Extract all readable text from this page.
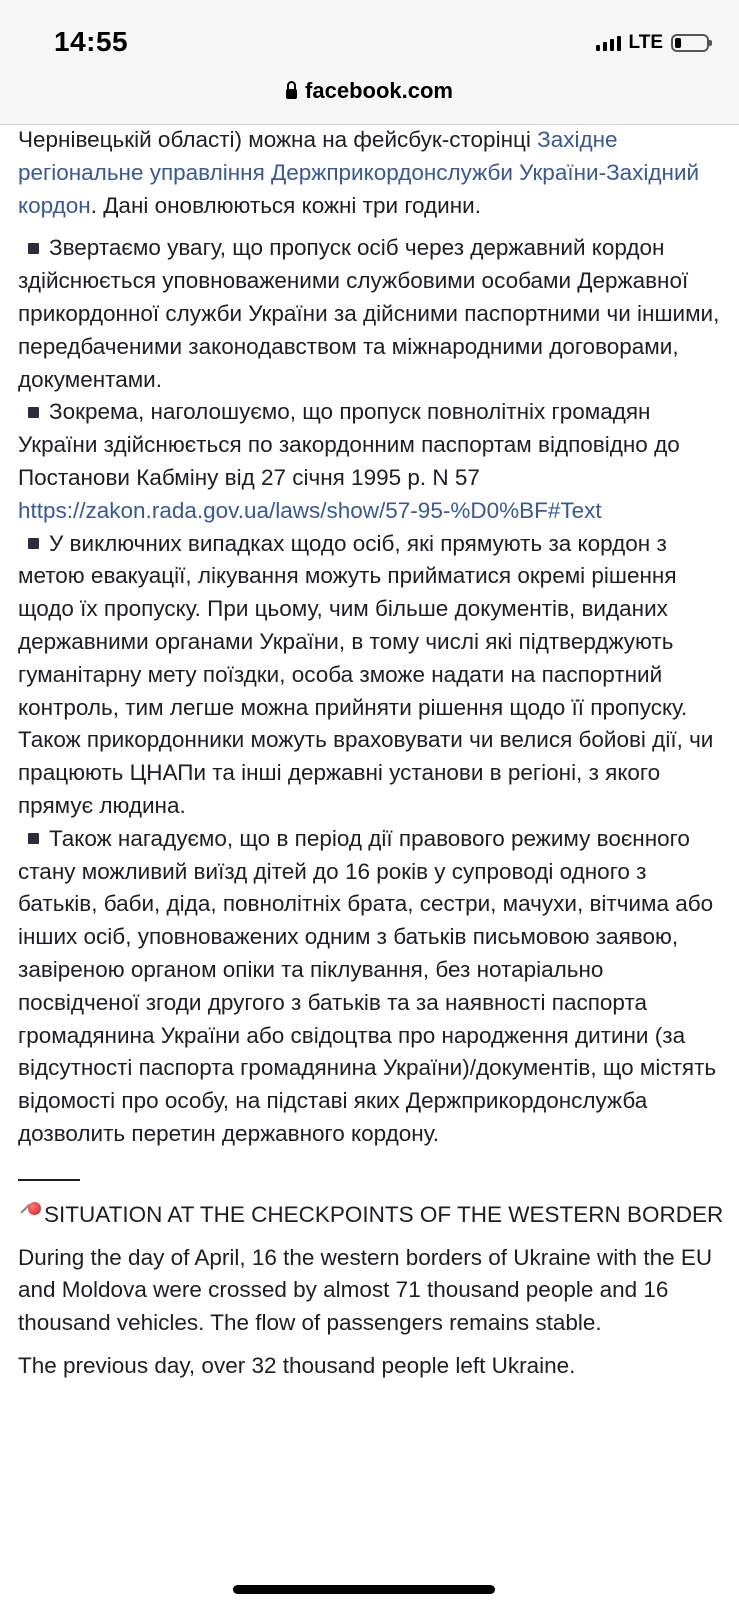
14:55	LTE
facebook.com

Чернівецькій області) можна на фейсбук-сторінці Західне регіональне управління Держприкордонслужби України-Західний кордон. Дані оновлюються кожні три години.

Звертаємо увагу, що пропуск осіб через державний кордон здійснюється уповноваженими службовими особами Державної прикордонної служби України за дійсними паспортними чи іншими, передбаченими законодавством та міжнародними договорами, документами.

Зокрема, наголошуємо, що пропуск повнолітніх громадян України здійснюється по закордонним паспортам відповідно до Постанови Кабміну від 27 січня 1995 р. N 57 https://zakon.rada.gov.ua/laws/show/57-95-%D0%BF#Text

У виключних випадках щодо осіб, які прямують за кордон з метою евакуації, лікування можуть прийматися окремі рішення щодо їх пропуску. При цьому, чим більше документів, виданих державними органами України, в тому числі які підтверджують гуманітарну мету поїздки, особа зможе надати на паспортний контроль, тим легше можна прийняти рішення щодо її пропуску. Також прикордонники можуть враховувати чи велися бойові дії, чи працюють ЦНАПи та інші державні установи в регіоні, з якого прямує людина.

Також нагадуємо, що в період дії правового режиму воєнного стану можливий виїзд дітей до 16 років у супроводі одного з батьків, баби, діда, повнолітніх брата, сестри, мачухи, вітчима або інших осіб, уповноважених одним з батьків письмовою заявою, завіреною органом опіки та піклування, без нотаріально посвідченої згоди другого з батьків та за наявності паспорта громадянина України або свідоцтва про народження дитини (за відсутності паспорта громадянина України)/документів, що містять відомості про особу, на підставі яких Держприкордонслужба дозволить перетин державного кордону.

SITUATION AT THE CHECKPOINTS OF THE WESTERN BORDER

During the day of April, 16 the western borders of Ukraine with the EU and Moldova were crossed by almost 71 thousand people and 16 thousand vehicles. The flow of passengers remains stable.

The previous day, over 32 thousand people left Ukraine.
